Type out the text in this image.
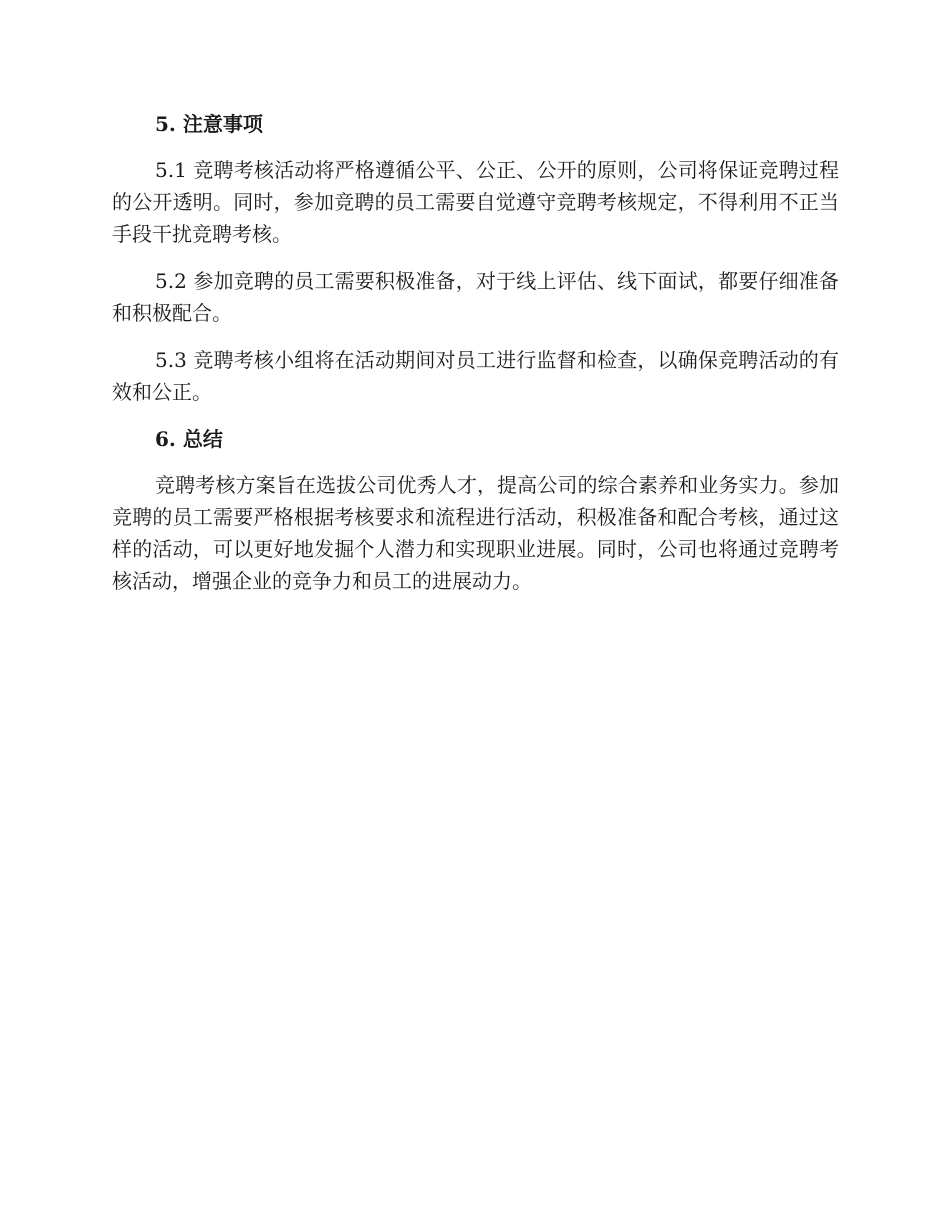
5. 注意事项

5.1 竞聘考核活动将严格遵循公平、公正、公开的原则，公司将保证竞聘过程的公开透明。同时，参加竞聘的员工需要自觉遵守竞聘考核规定，不得利用不正当手段干扰竞聘考核。

5.2 参加竞聘的员工需要积极准备，对于线上评估、线下面试，都要仔细准备和积极配合。

5.3 竞聘考核小组将在活动期间对员工进行监督和检查，以确保竞聘活动的有效和公正。

6. 总结

竞聘考核方案旨在选拔公司优秀人才，提高公司的综合素养和业务实力。参加竞聘的员工需要严格根据考核要求和流程进行活动，积极准备和配合考核，通过这样的活动，可以更好地发掘个人潜力和实现职业进展。同时，公司也将通过竞聘考核活动，增强企业的竞争力和员工的进展动力。
